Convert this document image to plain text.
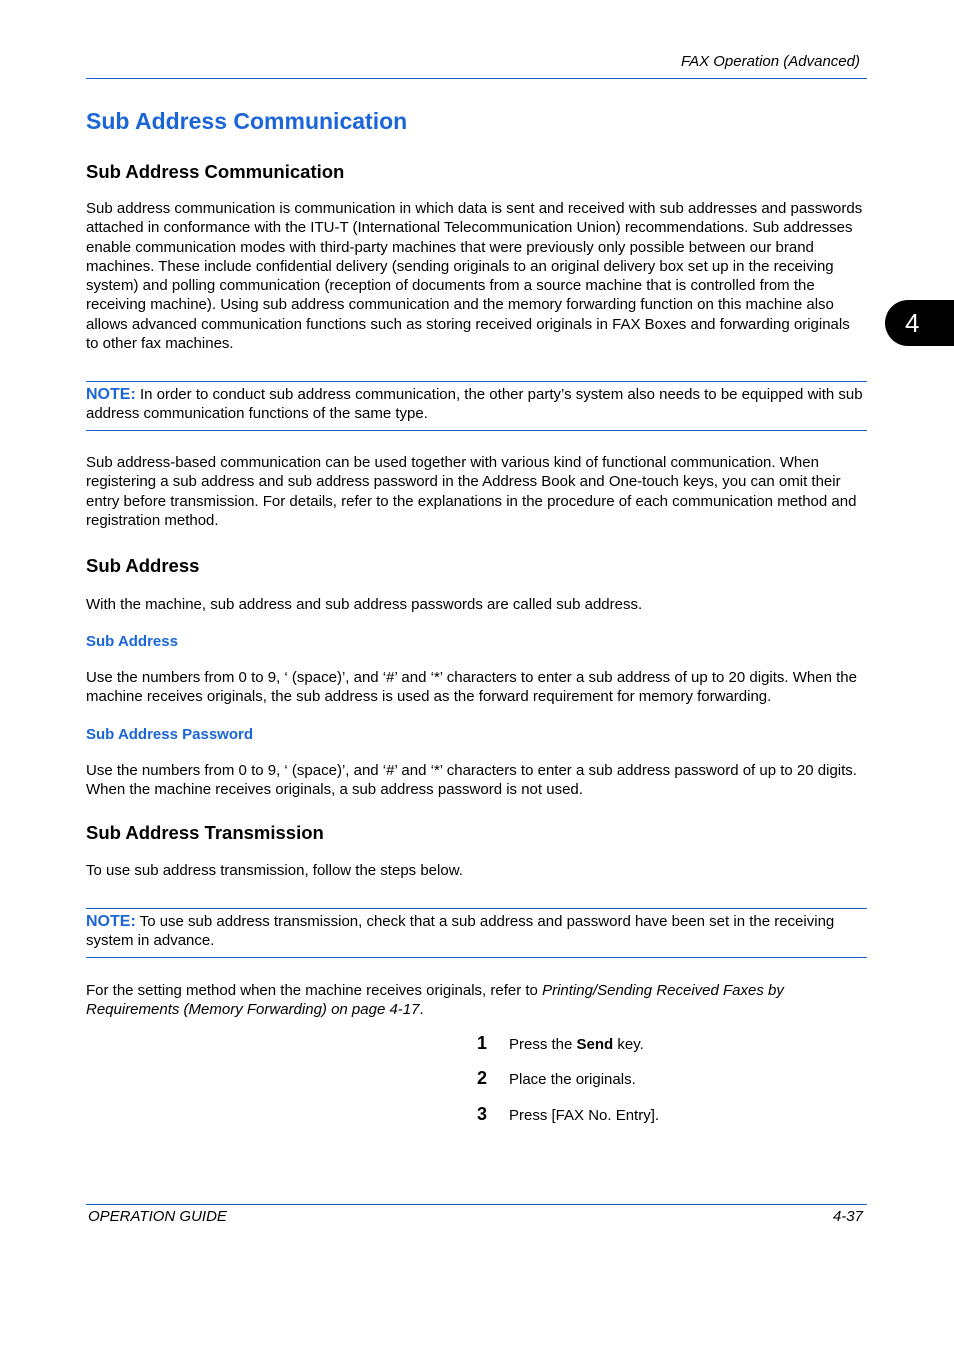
FAX Operation (Advanced)
4
Sub Address Communication
Sub Address Communication
Sub address communication is communication in which data is sent and received with sub addresses and passwords attached in conformance with the ITU-T (International Telecommunication Union) recommendations. Sub addresses enable communication modes with third-party machines that were previously only possible between our brand machines. These include confidential delivery (sending originals to an original delivery box set up in the receiving system) and polling communication (reception of documents from a source machine that is controlled from the receiving machine). Using sub address communication and the memory forwarding function on this machine also allows advanced communication functions such as storing received originals in FAX Boxes and forwarding originals to other fax machines.
NOTE: In order to conduct sub address communication, the other party’s system also needs to be equipped with sub address communication functions of the same type.
Sub address-based communication can be used together with various kind of functional communication. When registering a sub address and sub address password in the Address Book and One-touch keys, you can omit their entry before transmission. For details, refer to the explanations in the procedure of each communication method and registration method.
Sub Address
With the machine, sub address and sub address passwords are called sub address.
Sub Address
Use the numbers from 0 to 9, ‘ (space)’, and ‘#’ and ‘*’ characters to enter a sub address of up to 20 digits. When the machine receives originals, the sub address is used as the forward requirement for memory forwarding.
Sub Address Password
Use the numbers from 0 to 9, ‘ (space)’, and ‘#’ and ‘*’ characters to enter a sub address password of up to 20 digits. When the machine receives originals, a sub address password is not used.
Sub Address Transmission
To use sub address transmission, follow the steps below.
NOTE: To use sub address transmission, check that a sub address and password have been set in the receiving system in advance.
For the setting method when the machine receives originals, refer to Printing/Sending Received Faxes by Requirements (Memory Forwarding) on page 4-17.
1 Press the Send key.
2 Place the originals.
3 Press [FAX No. Entry].
OPERATION GUIDE	4-37
